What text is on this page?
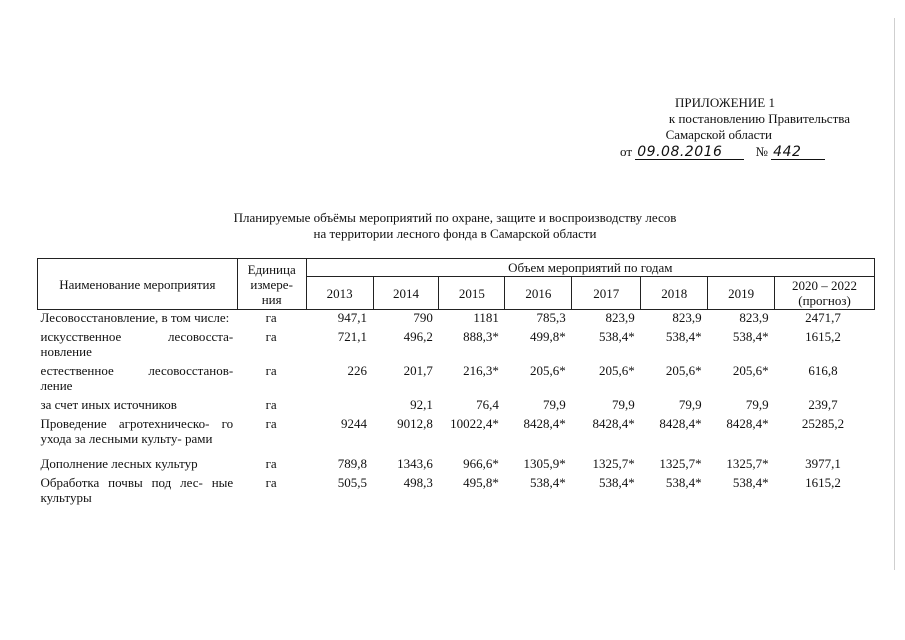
ПРИЛОЖЕНИЕ 1
к постановлению Правительства
Самарской области
от 09.08.2016	№ 442
Планируемые объёмы мероприятий по охране, защите и воспроизводству лесов
на территории лесного фонда в Самарской области
Наименование мероприятия	Единица измере- ния	Объем мероприятий по годам							
		2013	2014	2015	2016	2017	2018	2019	2020 – 2022 (прогноз)
Лесовосстановление, в том числе:	га	947,1	790	1181	785,3	823,9	823,9	823,9	2471,7

искусственное лесовосста- новление	га	721,1	496,2	888,3*	499,8*	538,4*	538,4*	538,4*	1615,2

естественное лесовосстанов- ление	га	226	201,7	216,3*	205,6*	205,6*	205,6*	205,6*	616,8

за счет иных источников	га		92,1	76,4	79,9	79,9	79,9	79,9	239,7

Проведение агротехническо- го ухода за лесными культу- рами	га	9244	9012,8	10022,4*	8428,4*	8428,4*	8428,4*	8428,4*	25285,2

Дополнение лесных культур	га	789,8	1343,6	966,6*	1305,9*	1325,7*	1325,7*	1325,7*	3977,1

Обработка почвы под лес- ные культуры	га	505,5	498,3	495,8*	538,4*	538,4*	538,4*	538,4*	1615,2
